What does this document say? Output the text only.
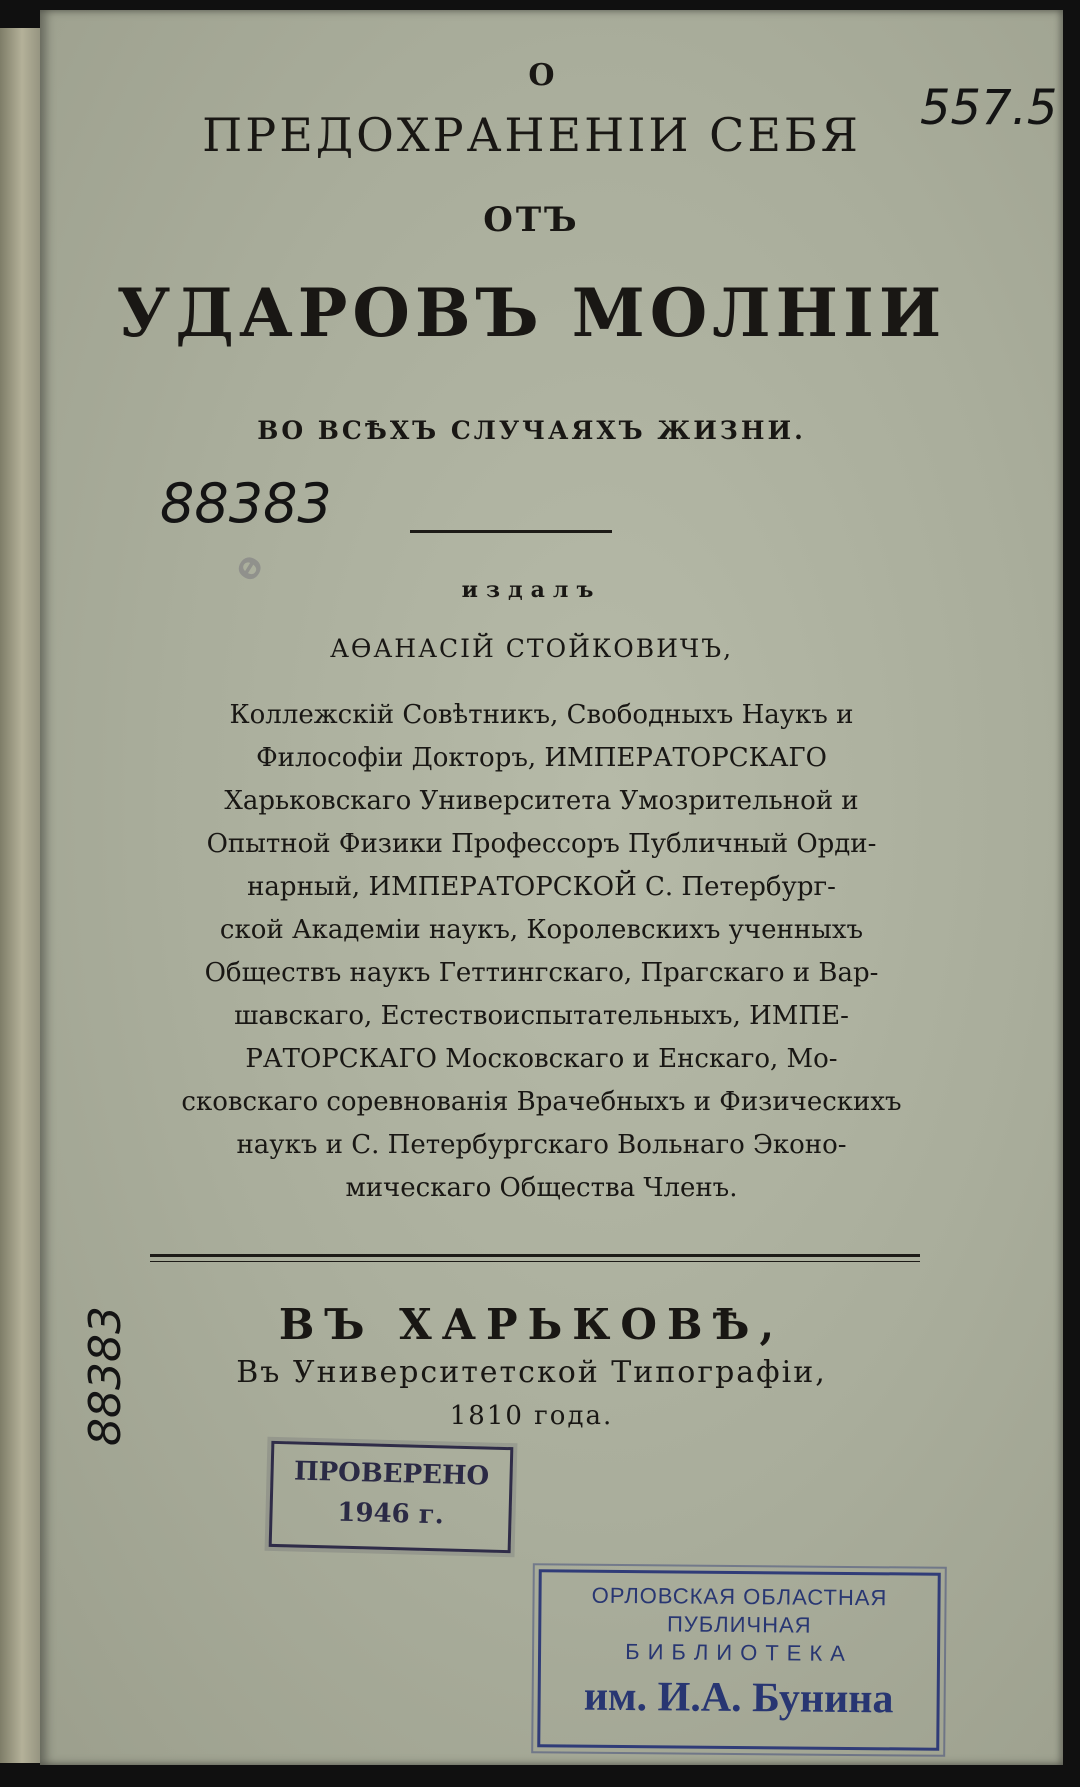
Ѳ
О
ПРЕДОХРАНЕНІИ СЕБЯ
ОТЪ
УДАРОВЪ МОЛНІИ
ВО ВСѢХЪ СЛУЧАЯХЪ ЖИЗНИ.
88383
557.5
издалъ
АѲАНАСІЙ СТОЙКОВИЧЪ,
Коллежскій Совѣтникъ, Свободныхъ Наукъ и
Философіи Докторъ, ИМПЕРАТОРСКАГО
Харьковскаго Университета Умозрительной и
Опытной Физики Профессоръ Публичный Орди-
нарный, ИМПЕРАТОРСКОЙ С. Петербург-
ской Академіи наукъ, Королевскихъ ученныхъ
Обществъ наукъ Геттингскаго, Прагскаго и Вар-
шавскаго, Естествоиспытательныхъ, ИМПЕ-
РАТОРСКАГО Московскаго и Енскаго, Мо-
сковскаго соревнованія Врачебныхъ и Физическихъ
наукъ и С. Петербургскаго Вольнаго Эконо-
мическаго Общества Членъ.
88383	ВЪ ХАРЬКОВѢ,
Въ Университетской Типографіи,
1810 года.
ПРОВЕРЕНО
1946 г.
ОРЛОВСКАЯ ОБЛАСТНАЯ
ПУБЛИЧНАЯ
БИБЛИОТЕКА
им. И.А. Бунина
